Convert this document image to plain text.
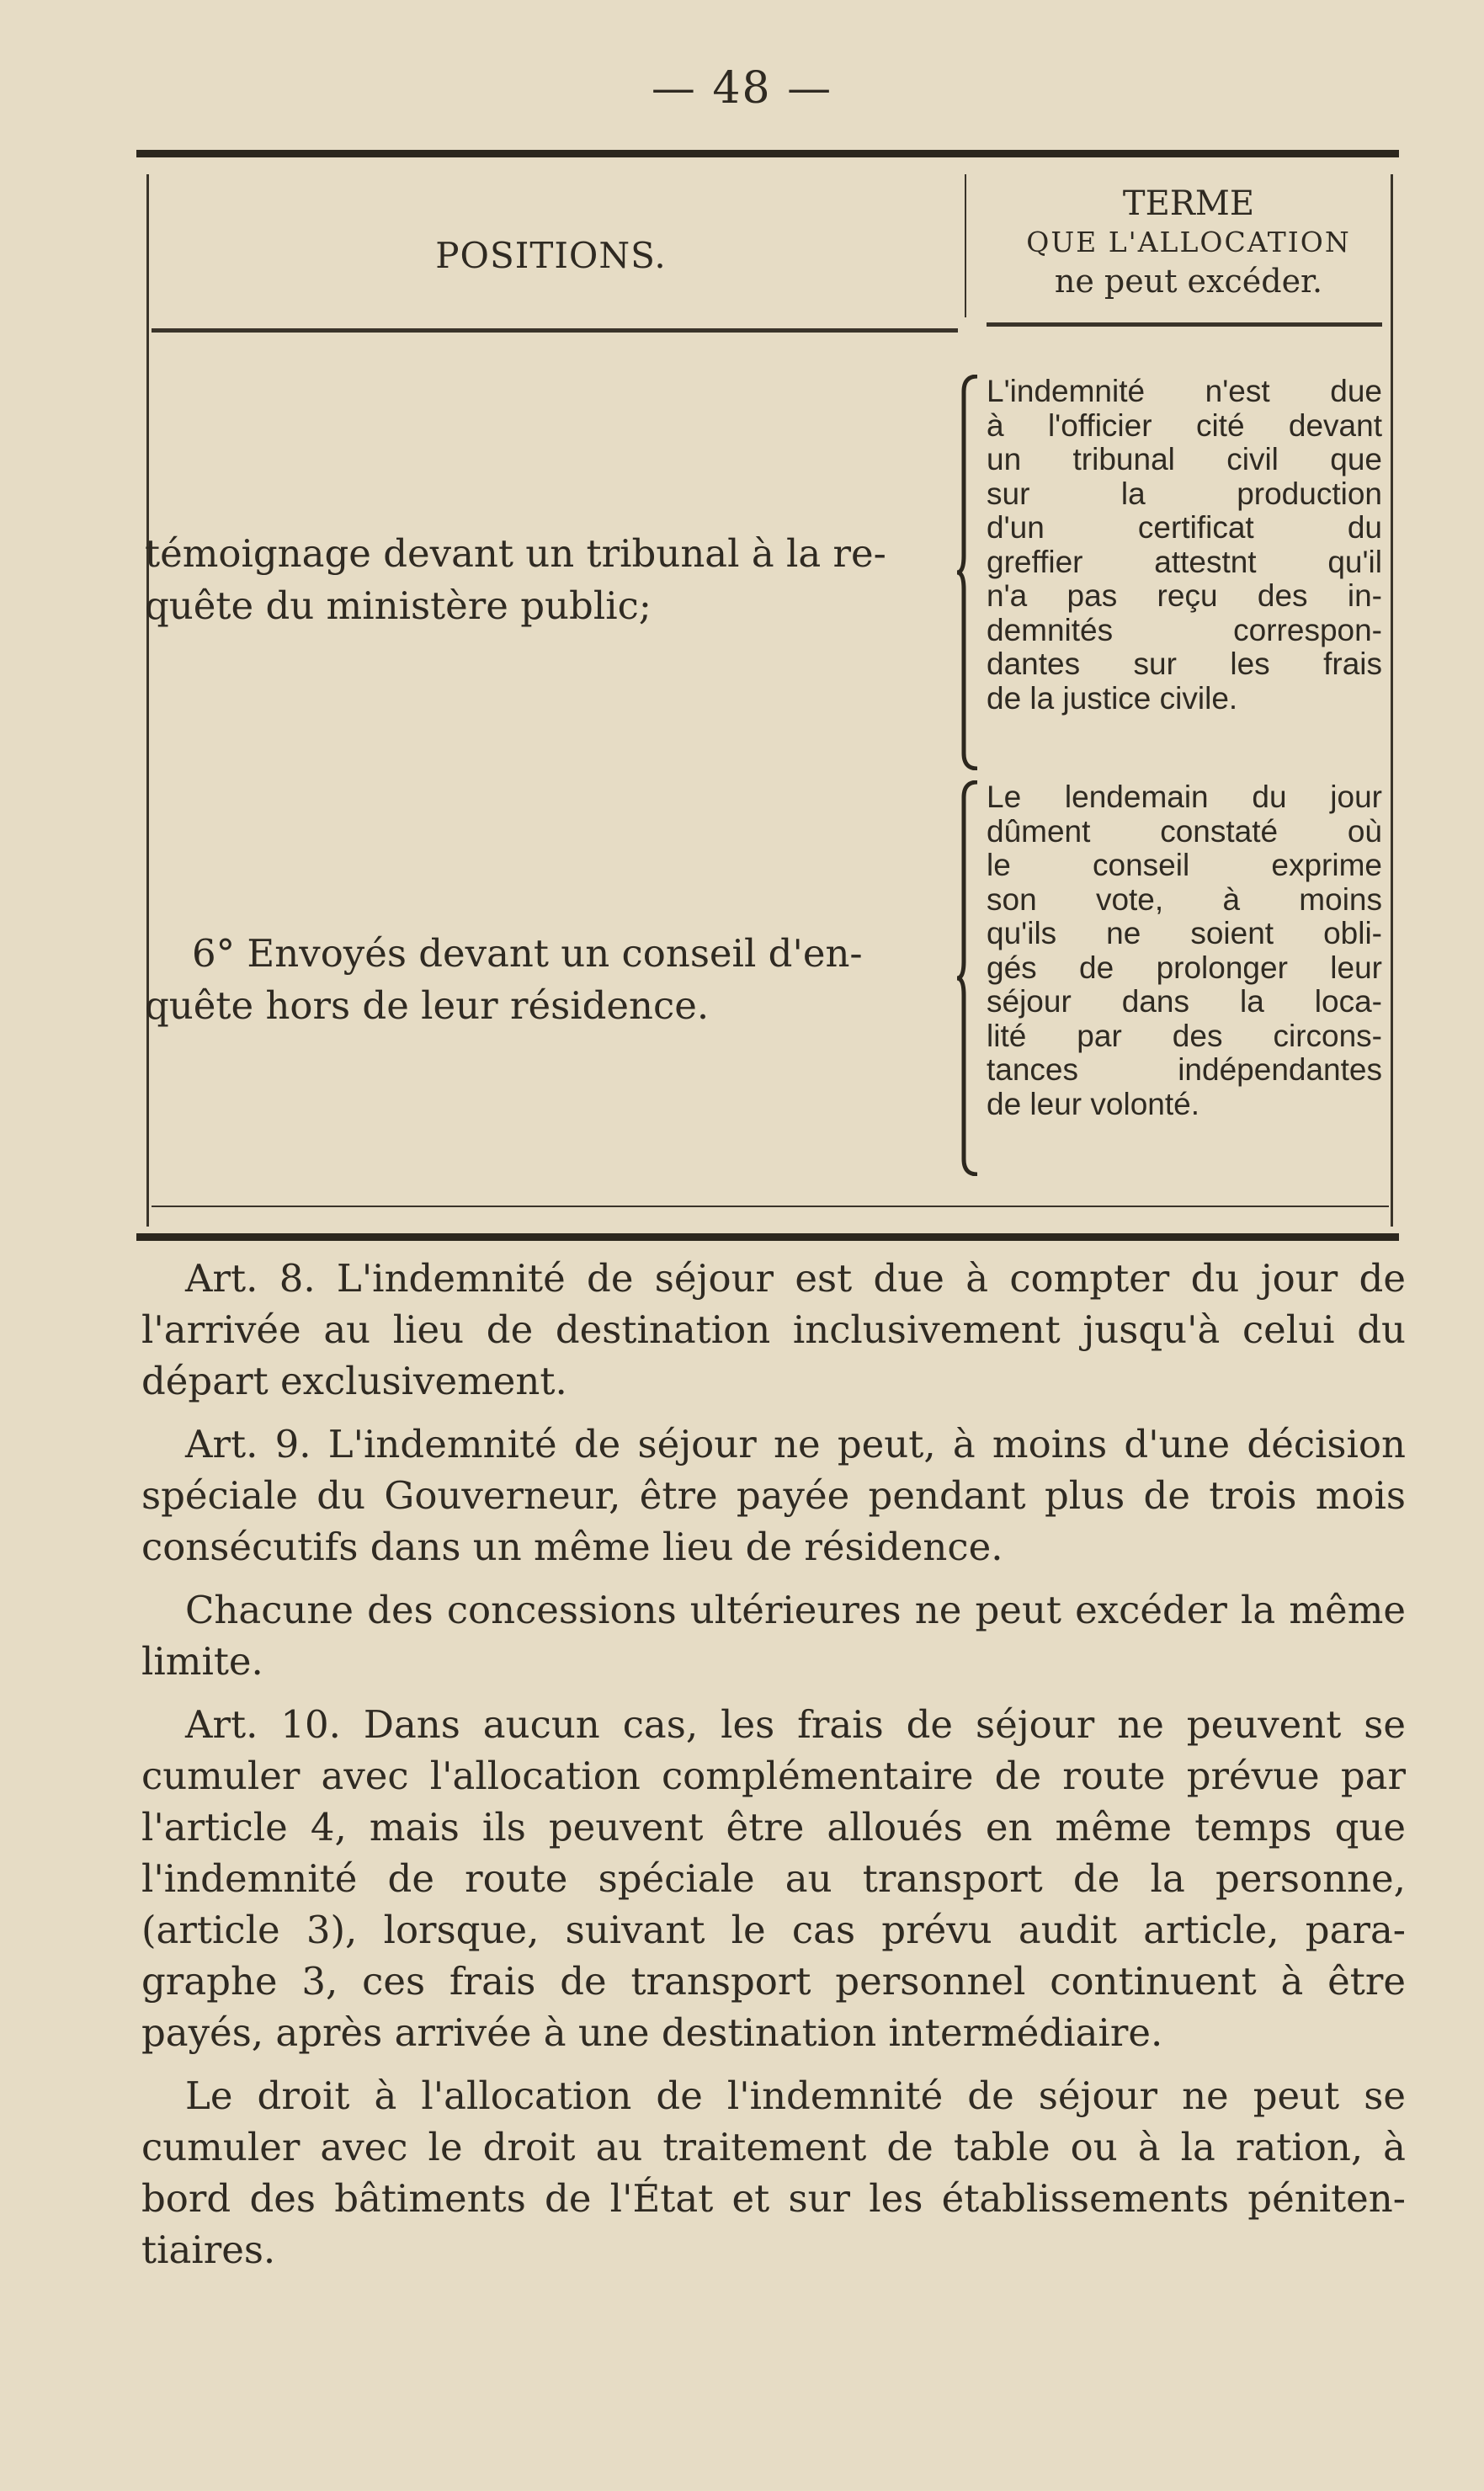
— 48 —
POSITIONS.
TERME
QUE L'ALLOCATION
ne peut excéder.
témoignage devant un tribunal à la re-
quête du ministère public;
L'indemnité n'est due
à l'officier cité devant
un tribunal civil que
sur la production
d'un certificat du
greffier attestnt qu'il
n'a pas reçu des in-
demnités correspon-
dantes sur les frais
de la justice civile.
6° Envoyés devant un conseil d'en-
quête hors de leur résidence.
Le lendemain du jour
dûment constaté où
le conseil exprime
son vote, à moins
qu'ils ne soient obli-
gés de prolonger leur
séjour dans la loca-
lité par des circons-
tances indépendantes
de leur volonté.
Art. 8. L'indemnité de séjour est due à compter du jour de
l'arrivée au lieu de destination inclusivement jusqu'à celui du
départ exclusivement.
Art. 9. L'indemnité de séjour ne peut, à moins d'une décision
spéciale du Gouverneur, être payée pendant plus de trois mois
consécutifs dans un même lieu de résidence.
Chacune des concessions ultérieures ne peut excéder la même
limite.
Art. 10. Dans aucun cas, les frais de séjour ne peuvent se
cumuler avec l'allocation complémentaire de route prévue par
l'article 4, mais ils peuvent être alloués en même temps que
l'indemnité de route spéciale au transport de la personne,
(article 3), lorsque, suivant le cas prévu audit article, para-
graphe 3, ces frais de transport personnel continuent à être
payés, après arrivée à une destination intermédiaire.
Le droit à l'allocation de l'indemnité de séjour ne peut se
cumuler avec le droit au traitement de table ou à la ration, à
bord des bâtiments de l'État et sur les établissements péniten-
tiaires.
